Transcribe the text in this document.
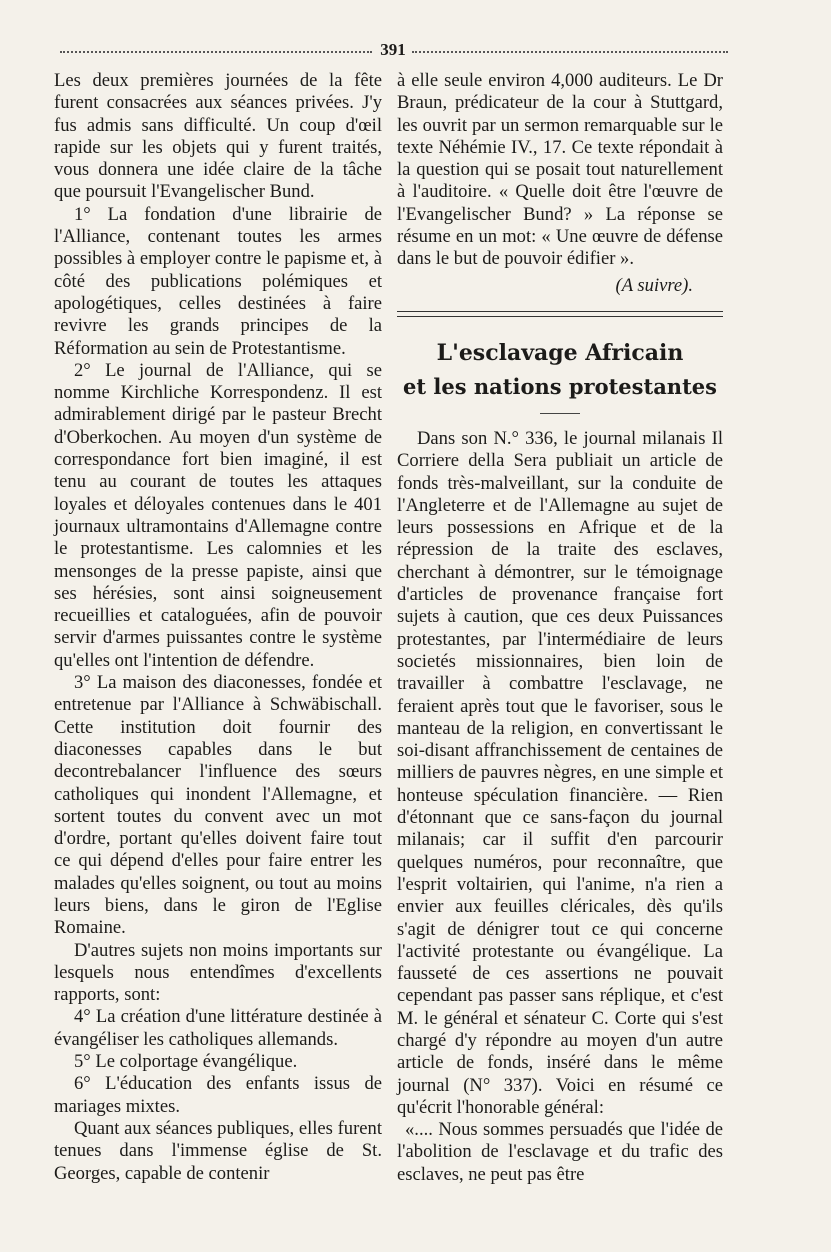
391

Les deux premières journées de la fête furent consacrées aux séances privées. J'y fus admis sans difficulté. Un coup d'œil rapide sur les objets qui y furent traités, vous donnera une idée claire de la tâche que poursuit l'Evangelischer Bund.

1° La fondation d'une librairie de l'Alliance, contenant toutes les armes possibles à employer contre le papisme et, à côté des publications polémiques et apologétiques, celles destinées à faire revivre les grands principes de la Réformation au sein de Protestantisme.

2° Le journal de l'Alliance, qui se nomme Kirchliche Korrespondenz. Il est admirablement dirigé par le pasteur Brecht d'Oberkochen. Au moyen d'un système de correspondance fort bien imaginé, il est tenu au courant de toutes les attaques loyales et déloyales contenues dans le 401 journaux ultramontains d'Allemagne contre le protestantisme. Les calomnies et les mensonges de la presse papiste, ainsi que ses hérésies, sont ainsi soigneusement recueillies et cataloguées, afin de pouvoir servir d'armes puissantes contre le système qu'elles ont l'intention de défendre.

3° La maison des diaconesses, fondée et entretenue par l'Alliance à Schwäbischall. Cette institution doit fournir des diaconesses capables dans le but decontrebalancer l'influence des sœurs catholiques qui inondent l'Allemagne, et sortent toutes du convent avec un mot d'ordre, portant qu'elles doivent faire tout ce qui dépend d'elles pour faire entrer les malades qu'elles soignent, ou tout au moins leurs biens, dans le giron de l'Eglise Romaine.

D'autres sujets non moins importants sur lesquels nous entendîmes d'excellents rapports, sont:

4° La création d'une littérature destinée à évangéliser les catholiques allemands.

5° Le colportage évangélique.

6° L'éducation des enfants issus de mariages mixtes.

Quant aux séances publiques, elles furent tenues dans l'immense église de St. Georges, capable de contenir

à elle seule environ 4,000 auditeurs. Le Dr Braun, prédicateur de la cour à Stuttgard, les ouvrit par un sermon remarquable sur le texte Néhémie IV., 17. Ce texte répondait à la question qui se posait tout naturellement à l'auditoire. « Quelle doit être l'œuvre de l'Evangelischer Bund? » La réponse se résume en un mot: « Une œuvre de défense dans le but de pouvoir édifier ».

(A suivre).
L'esclavage Africain
et les nations protestantes

Dans son N.° 336, le journal milanais Il Corriere della Sera publiait un article de fonds très-malveillant, sur la conduite de l'Angleterre et de l'Allemagne au sujet de leurs possessions en Afrique et de la répression de la traite des esclaves, cherchant à démontrer, sur le témoignage d'articles de provenance française fort sujets à caution, que ces deux Puissances protestantes, par l'intermédiaire de leurs societés missionnaires, bien loin de travailler à combattre l'esclavage, ne feraient après tout que le favoriser, sous le manteau de la religion, en convertissant le soi-disant affranchissement de centaines de milliers de pauvres nègres, en une simple et honteuse spéculation financière. — Rien d'étonnant que ce sans-façon du journal milanais; car il suffit d'en parcourir quelques numéros, pour reconnaître, que l'esprit voltairien, qui l'anime, n'a rien a envier aux feuilles cléricales, dès qu'ils s'agit de dénigrer tout ce qui concerne l'activité protestante ou évangélique. La fausseté de ces assertions ne pouvait cependant pas passer sans réplique, et c'est M. le général et sénateur C. Corte qui s'est chargé d'y répondre au moyen d'un autre article de fonds, inséré dans le même journal (N° 337). Voici en résumé ce qu'écrit l'honorable général:

«.... Nous sommes persuadés que l'idée de l'abolition de l'esclavage et du trafic des esclaves, ne peut pas être
